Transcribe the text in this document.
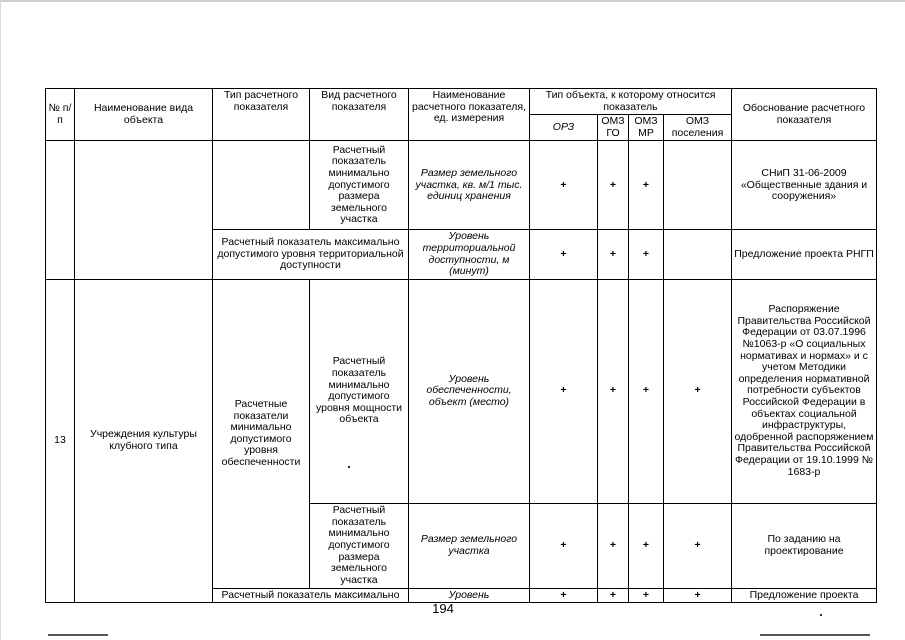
№ п/п	Наименование вида объекта	Тип расчетного показателя	Вид расчетного показателя	Наименование расчетного показателя, ед. измерения	Тип объекта, к которому относится показатель				Обоснование расчетного показателя
					ОРЗ	ОМЗ ГО	ОМЗ МР	ОМЗ поселения	
			Расчетный показатель минимально допустимого размера земельного участка	Размер земельного участка, кв. м/1 тыс. единиц хранения	+	+	+		СНиП 31-06-2009 «Общественные здания и сооружения»
		Расчетный показатель максимально допустимого уровня территориальной доступности		Уровень территориальной доступности, м (минут)	+	+	+		Предложение проекта РНГП
13	Учреждения культуры клубного типа	Расчетные показатели минимально допустимого уровня обеспеченности	Расчетный показатель минимально допустимого уровня мощности объекта	Уровень обеспеченности, объект (место)	+	+	+	+	Распоряжение Правительства Российской Федерации от 03.07.1996 №1063-р «О социальных нормативах и нормах» и с учетом Методики определения нормативной потребности субъектов Российской Федерации в объектах социальной инфраструктуры, одобренной распоряжением Правительства Российской Федерации от 19.10.1999 № 1683-р
			Расчетный показатель минимально допустимого размера земельного участка	Размер земельного участка	+	+	+	+	По заданию на проектирование
		Расчетный показатель максимально		Уровень	+	+	+	+	Предложение проекта
194
